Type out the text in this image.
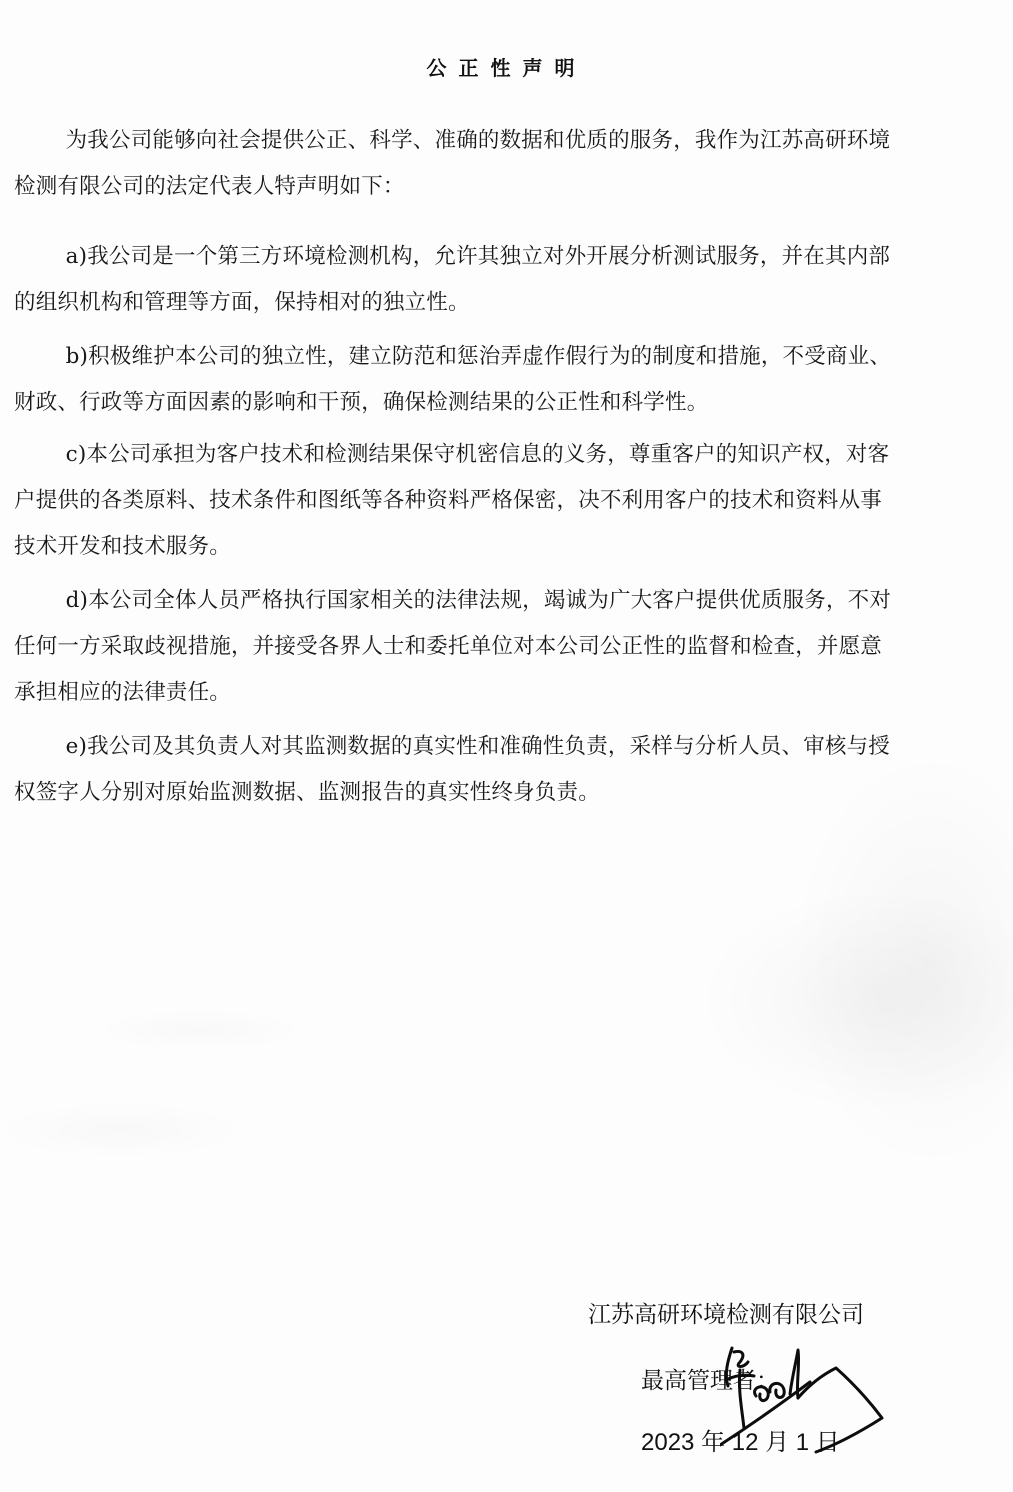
公正性声明
为我公司能够向社会提供公正、科学、准确的数据和优质的服务，我作为江苏高研环境
检测有限公司的法定代表人特声明如下：
a)我公司是一个第三方环境检测机构，允许其独立对外开展分析测试服务，并在其内部
的组织机构和管理等方面，保持相对的独立性。
b)积极维护本公司的独立性，建立防范和惩治弄虚作假行为的制度和措施，不受商业、
财政、行政等方面因素的影响和干预，确保检测结果的公正性和科学性。
c)本公司承担为客户技术和检测结果保守机密信息的义务，尊重客户的知识产权，对客
户提供的各类原料、技术条件和图纸等各种资料严格保密，决不利用客户的技术和资料从事
技术开发和技术服务。
d)本公司全体人员严格执行国家相关的法律法规，竭诚为广大客户提供优质服务，不对
任何一方采取歧视措施，并接受各界人士和委托单位对本公司公正性的监督和检查，并愿意
承担相应的法律责任。
e)我公司及其负责人对其监测数据的真实性和准确性负责，采样与分析人员、审核与授
权签字人分别对原始监测数据、监测报告的真实性终身负责。
江苏高研环境检测有限公司
最高管理者：
2023 年 12 月 1 日
